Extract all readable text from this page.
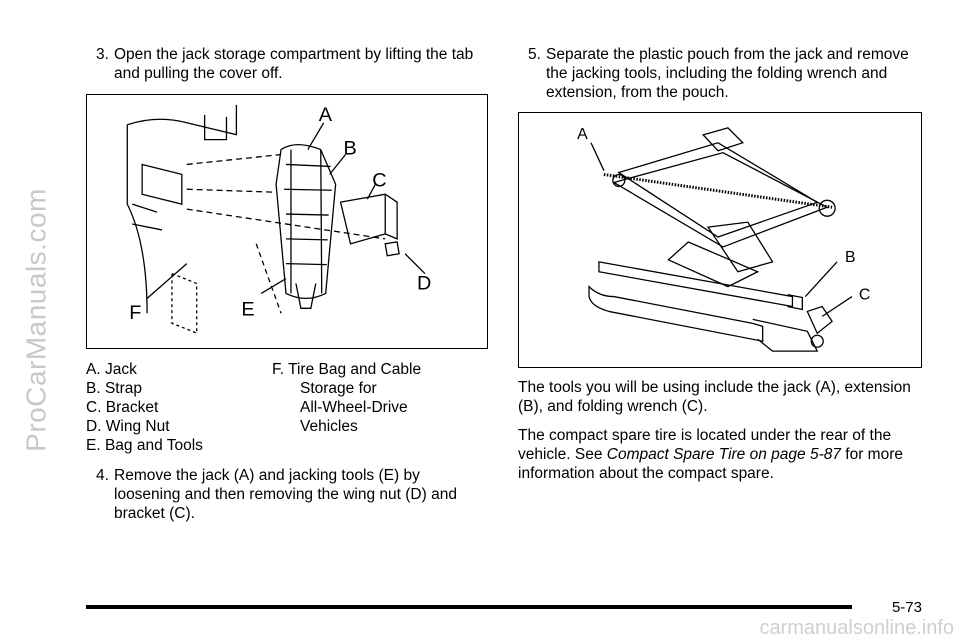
ProCarManuals.com

3. Open the jack storage compartment by lifting the tab and pulling the cover off.

A
B
C
D
E
F
A. Jack
B. Strap
C. Bracket
D. Wing Nut
E. Bag and Tools
F. Tire Bag and Cable
Storage for
All-Wheel-Drive
Vehicles

4. Remove the jack (A) and jacking tools (E) by loosening and then removing the wing nut (D) and bracket (C).

5. Separate the plastic pouch from the jack and remove the jacking tools, including the folding wrench and extension, from the pouch.

A
B
C

The tools you will be using include the jack (A), extension (B), and folding wrench (C).

The compact spare tire is located under the rear of the vehicle. See Compact Spare Tire on page 5-87 for more information about the compact spare.

5-73
carmanualsonline.info
